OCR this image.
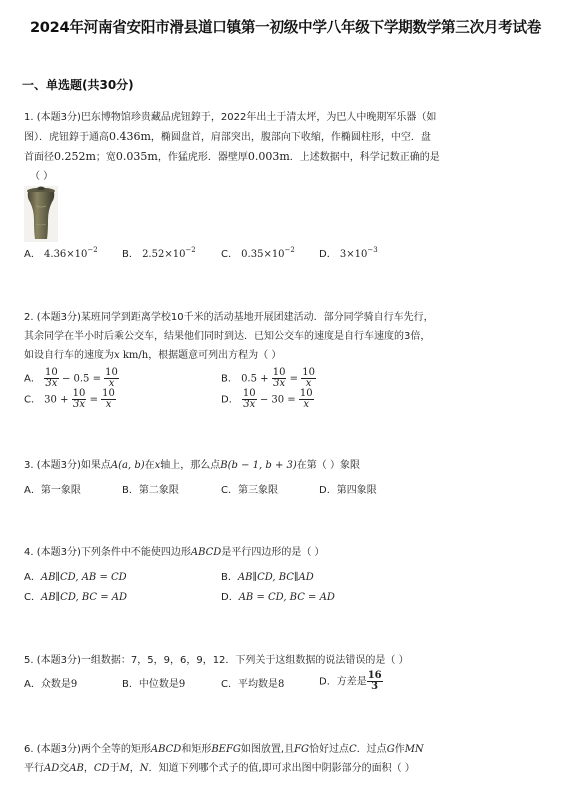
2024年河南省安阳市滑县道口镇第一初级中学八年级下学期数学第三次月考试卷
一、单选题(共30分)
1. (本题3分)巴东博物馆珍贵藏品虎钮錞于，2022年出土于清太坪，为巴人中晚期军乐器（如
图）．虎钮錞于通高0.436m，椭圆盘首，肩部突出，腹部向下收缩，作椭圆柱形，中空．盘
首面径0.252m；宽0.035m，作猛虎形．器壁厚0.003m．上述数据中，科学记数正确的是
（ ）
A． $4.36\times 10^{-2}$ B． $2.52\times 10^{-2}$	C． $0.35\times 10^{-2}$ D． $3\times 10^{-3}$
2. (本题3分)某班同学到距离学校10千米的活动基地开展团建活动．部分同学骑自行车先行，
其余同学在半小时后乘公交车，结果他们同时到达．已知公交车的速度是自行车速度的3倍，
如设自行车的速度为x km/h，根据题意可列出方程为（ ）
A． $\frac{10}{3x} - 0.5 = \frac{10}{x}$	B． $0.5 + \frac{10}{3x} = \frac{10}{x}$
C． $30 + \frac{10}{3x} = \frac{10}{x}$	D． $\frac{10}{3x} - 30 = \frac{10}{x}$
3. (本题3分)如果点A(a, b)在x轴上，那么点B(b − 1, b + 3)在第（ ）象限
A．第一象限	B．第二象限	C．第三象限	D．第四象限
4. (本题3分)下列条件中不能使四边形ABCD是平行四边形的是（ ）
A．AB∥CD, AB = CD	B．AB∥CD, BC∥AD
C．AB∥CD, BC = AD	D．AB = CD, BC = AD
5. (本题3分)一组数据：7，5，9，6，9，12．下列关于这组数据的说法错误的是（ ）
A．众数是9	B．中位数是9	C．平均数是8	D．方差是 $\frac{16}{3}$
6. (本题3分)两个全等的矩形ABCD和矩形BEFG如图放置,且FG恰好过点C．过点G作MN
平行AD交AB，CD于M，N．知道下列哪个式子的值,即可求出图中阴影部分的面积（ ）
